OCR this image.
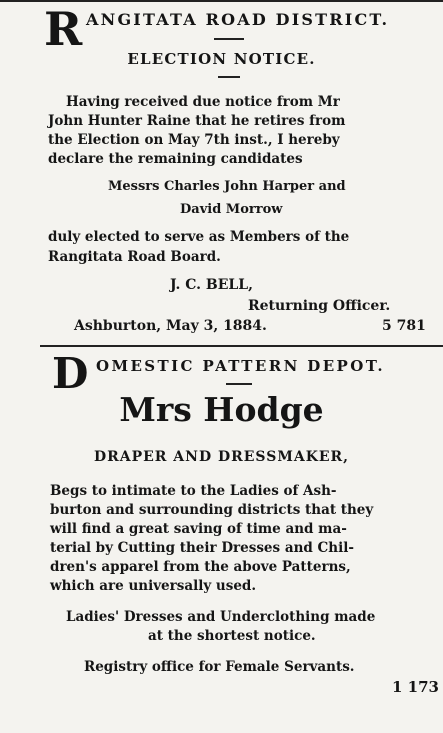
R ANGITATA ROAD DISTRICT.
ELECTION NOTICE.
Having received due notice from Mr
John Hunter Raine that he retires from
the Election on May 7th inst., I hereby
declare the remaining candidates
Messrs Charles John Harper and
David Morrow
duly elected to serve as Members of the
Rangitata Road Board.
J. C. BELL,
Returning Officer.
Ashburton, May 3, 1884.	5 781
D OMESTIC PATTERN DEPOT.
Mrs Hodge
DRAPER AND DRESSMAKER,
Begs to intimate to the Ladies of Ash-
burton and surrounding districts that they
will find a great saving of time and ma-
terial by Cutting their Dresses and Chil-
dren's apparel from the above Patterns,
which are universally used.
Ladies' Dresses and Underclothing made
at the shortest notice.
Registry office for Female Servants.
1 173
